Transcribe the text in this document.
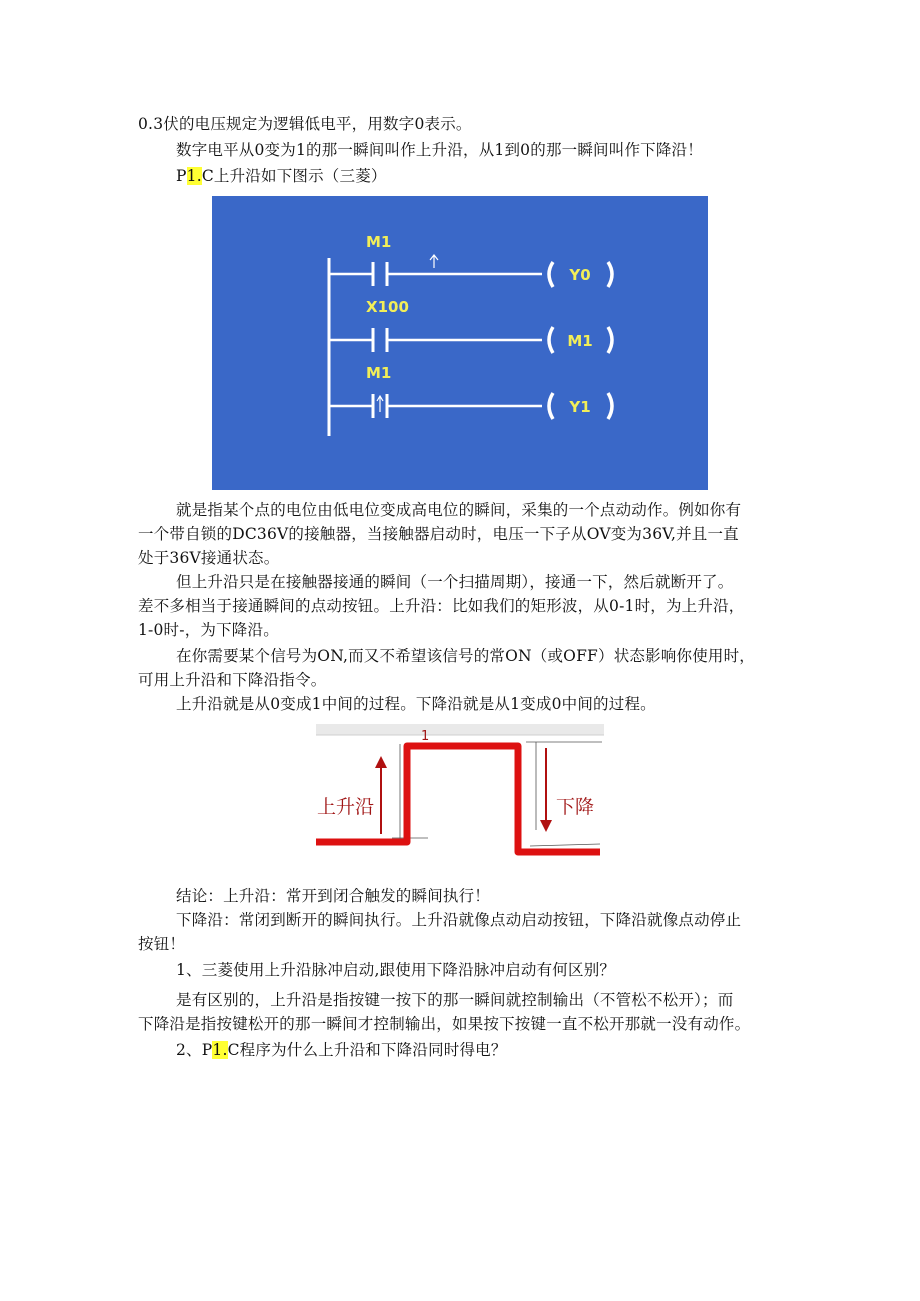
0.3伏的电压规定为逻辑低电平，用数字0表示。
数字电平从0变为1的那一瞬间叫作上升沿，从1到0的那一瞬间叫作下降沿！
P1.C上升沿如下图示（三菱）
M1
Y0
X100
M1
M1
Y1
就是指某个点的电位由低电位变成高电位的瞬间，采集的一个点动动作。例如你有
一个带自锁的DC36V的接触器，当接触器启动时，电压一下子从OV变为36V,并且一直
处于36V接通状态。
但上升沿只是在接触器接通的瞬间（一个扫描周期），接通一下，然后就断开了。
差不多相当于接通瞬间的点动按钮。上升沿：比如我们的矩形波，从0-1时，为上升沿，
1-0时-，为下降沿。
在你需要某个信号为ON,而又不希望该信号的常ON（或OFF）状态影响你使用时，
可用上升沿和下降沿指令。
上升沿就是从0变成1中间的过程。下降沿就是从1变成0中间的过程。
1
上升沿	下降
结论：上升沿：常开到闭合触发的瞬间执行！
下降沿：常闭到断开的瞬间执行。上升沿就像点动启动按钮，下降沿就像点动停止
按钮！
1、三菱使用上升沿脉冲启动,跟使用下降沿脉冲启动有何区别？
是有区别的，上升沿是指按键一按下的那一瞬间就控制输出（不管松不松开）；而
下降沿是指按键松开的那一瞬间才控制输出，如果按下按键一直不松开那就一没有动作。
2、P1.C程序为什么上升沿和下降沿同时得电？
